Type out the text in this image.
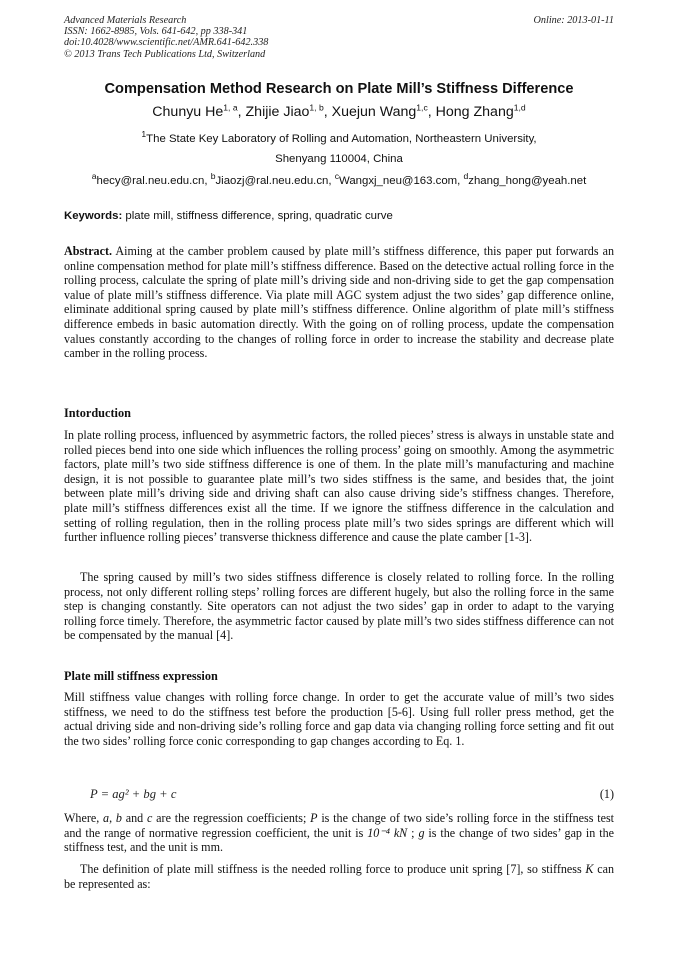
Advanced Materials Research
ISSN: 1662-8985, Vols. 641-642, pp 338-341
doi:10.4028/www.scientific.net/AMR.641-642.338
© 2013 Trans Tech Publications Ltd, Switzerland
Online: 2013-01-11
Compensation Method Research on Plate Mill’s Stiffness Difference
Chunyu He$^{1, a}$, Zhijie Jiao$^{1, b}$, Xuejun Wang$^{1,c}$, Hong Zhang$^{1,d}$
$^1$The State Key Laboratory of Rolling and Automation, Northeastern University,
Shenyang 110004, China
$^a$hecy@ral.neu.edu.cn, $^b$Jiaozj@ral.neu.edu.cn, $^c$Wangxj_neu@163.com, $^d$zhang_hong@yeah.net
Keywords: plate mill, stiffness difference, spring, quadratic curve
Abstract. Aiming at the camber problem caused by plate mill’s stiffness difference, this paper put forwards an online compensation method for plate mill’s stiffness difference. Based on the detective actual rolling force in the rolling process, calculate the spring of plate mill’s driving side and non-driving side to get the gap compensation value of plate mill’s stiffness difference. Via plate mill AGC system adjust the two sides’ gap difference online, eliminate additional spring caused by plate mill’s stiffness difference. Online algorithm of plate mill’s stiffness difference embeds in basic automation directly. With the going on of rolling process, update the compensation values constantly according to the changes of rolling force in order to increase the stability and decrease plate camber in the rolling process.
Intorduction
In plate rolling process, influenced by asymmetric factors, the rolled pieces’ stress is always in unstable state and rolled pieces bend into one side which influences the rolling process’ going on smoothly. Among the asymmetric factors, plate mill’s two side stiffness difference is one of them. In the plate mill’s manufacturing and machine design, it is not possible to guarantee plate mill’s two sides stiffness is the same, and besides that, the joint between plate mill’s driving side and driving shaft can also cause driving side’s stiffness changes. Therefore, plate mill’s stiffness differences exist all the time. If we ignore the stiffness difference in the calculation and setting of rolling regulation, then in the rolling process plate mill’s two sides springs are different which will further influence rolling pieces’ transverse thickness difference and cause the plate camber [1-3].
The spring caused by mill’s two sides stiffness difference is closely related to rolling force. In the rolling process, not only different rolling steps’ rolling forces are different hugely, but also the rolling force in the same step is changing constantly. Site operators can not adjust the two sides’ gap in order to adapt to the varying rolling force timely. Therefore, the asymmetric factor caused by plate mill’s two sides stiffness difference can not be compensated by the manual [4].
Plate mill stiffness expression
Mill stiffness value changes with rolling force change. In order to get the accurate value of mill’s two sides stiffness, we need to do the stiffness test before the production [5-6]. Using full roller press method, get the actual driving side and non-driving side’s rolling force and gap data via changing rolling force setting and fit out the two sides’ rolling force conic corresponding to gap changes according to Eq. 1.
P = ag² + bg + c	(1)
Where, a, b and c are the regression coefficients; P is the change of two side’s rolling force in the stiffness test and the range of normative regression coefficient, the unit is 10⁻⁴ kN ; g is the change of two sides’ gap in the stiffness test, and the unit is mm.
The definition of plate mill stiffness is the needed rolling force to produce unit spring [7], so stiffness K can be represented as:
